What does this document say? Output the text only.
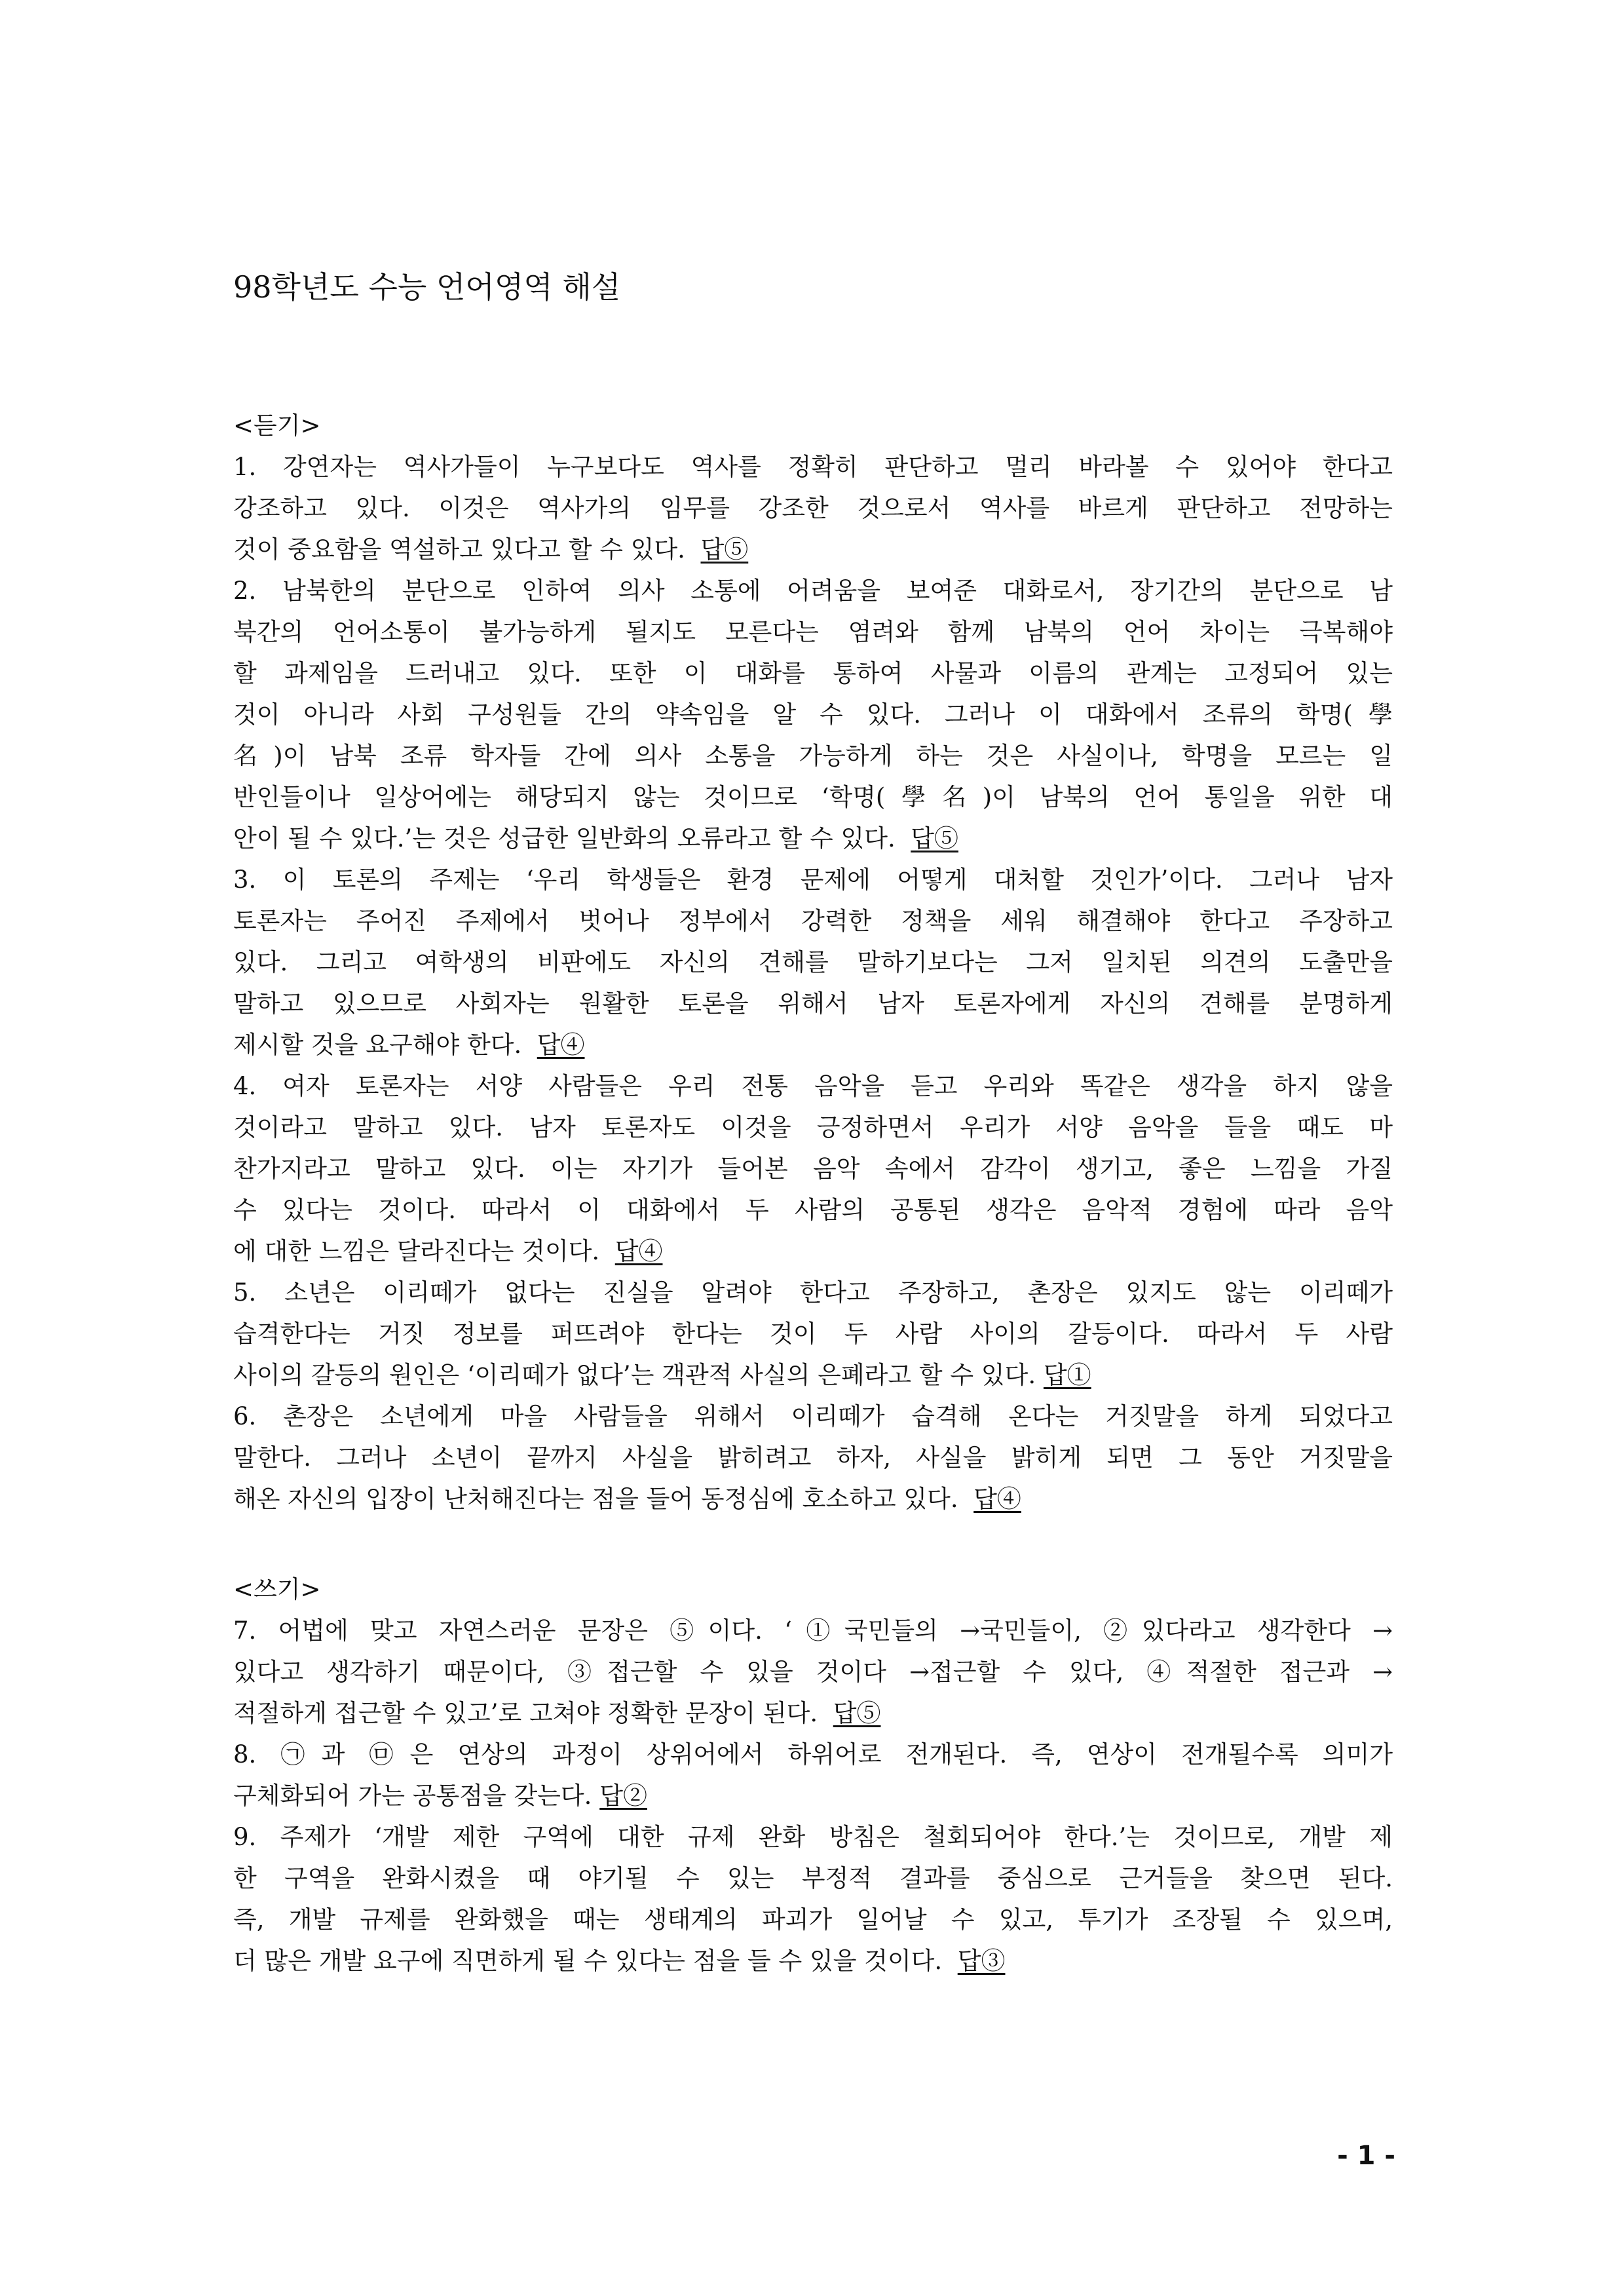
98학년도 수능 언어영역 해설
<듣기>
1. 강연자는 역사가들이 누구보다도 역사를 정확히 판단하고 멀리 바라볼 수 있어야 한다고
강조하고 있다. 이것은 역사가의 임무를 강조한 것으로서 역사를 바르게 판단하고 전망하는
것이 중요함을 역설하고 있다고 할 수 있다. 답⑤
2. 남북한의 분단으로 인하여 의사 소통에 어려움을 보여준 대화로서, 장기간의 분단으로 남
북간의 언어소통이 불가능하게 될지도 모른다는 염려와 함께 남북의 언어 차이는 극복해야
할 과제임을 드러내고 있다. 또한 이 대화를 통하여 사물과 이름의 관계는 고정되어 있는
것이 아니라 사회 구성원들 간의 약속임을 알 수 있다. 그러나 이 대화에서 조류의 학명(學
名)이 남북 조류 학자들 간에 의사 소통을 가능하게 하는 것은 사실이나, 학명을 모르는 일
반인들이나 일상어에는 해당되지 않는 것이므로 ‘학명(學名)이 남북의 언어 통일을 위한 대
안이 될 수 있다.’는 것은 성급한 일반화의 오류라고 할 수 있다. 답⑤
3. 이 토론의 주제는 ‘우리 학생들은 환경 문제에 어떻게 대처할 것인가’이다. 그러나 남자
토론자는 주어진 주제에서 벗어나 정부에서 강력한 정책을 세워 해결해야 한다고 주장하고
있다. 그리고 여학생의 비판에도 자신의 견해를 말하기보다는 그저 일치된 의견의 도출만을
말하고 있으므로 사회자는 원활한 토론을 위해서 남자 토론자에게 자신의 견해를 분명하게
제시할 것을 요구해야 한다. 답④
4. 여자 토론자는 서양 사람들은 우리 전통 음악을 듣고 우리와 똑같은 생각을 하지 않을
것이라고 말하고 있다. 남자 토론자도 이것을 긍정하면서 우리가 서양 음악을 들을 때도 마
찬가지라고 말하고 있다. 이는 자기가 들어본 음악 속에서 감각이 생기고, 좋은 느낌을 가질
수 있다는 것이다. 따라서 이 대화에서 두 사람의 공통된 생각은 음악적 경험에 따라 음악
에 대한 느낌은 달라진다는 것이다. 답④
5. 소년은 이리떼가 없다는 진실을 알려야 한다고 주장하고, 촌장은 있지도 않는 이리떼가
습격한다는 거짓 정보를 퍼뜨려야 한다는 것이 두 사람 사이의 갈등이다. 따라서 두 사람
사이의 갈등의 원인은 ‘이리떼가 없다’는 객관적 사실의 은폐라고 할 수 있다. 답①
6. 촌장은 소년에게 마을 사람들을 위해서 이리떼가 습격해 온다는 거짓말을 하게 되었다고
말한다. 그러나 소년이 끝까지 사실을 밝히려고 하자, 사실을 밝히게 되면 그 동안 거짓말을
해온 자신의 입장이 난처해진다는 점을 들어 동정심에 호소하고 있다. 답④
<쓰기>
7. 어법에 맞고 자연스러운 문장은 ⑤이다. ‘①국민들의 →국민들이, ②있다라고 생각한다 →
있다고 생각하기 때문이다, ③접근할 수 있을 것이다 →접근할 수 있다, ④적절한 접근과 →
적절하게 접근할 수 있고’로 고쳐야 정확한 문장이 된다. 답⑤
8. ㉠과 ㉤은 연상의 과정이 상위어에서 하위어로 전개된다. 즉, 연상이 전개될수록 의미가
구체화되어 가는 공통점을 갖는다. 답②
9. 주제가 ‘개발 제한 구역에 대한 규제 완화 방침은 철회되어야 한다.’는 것이므로, 개발 제
한 구역을 완화시켰을 때 야기될 수 있는 부정적 결과를 중심으로 근거들을 찾으면 된다.
즉, 개발 규제를 완화했을 때는 생태계의 파괴가 일어날 수 있고, 투기가 조장될 수 있으며,
더 많은 개발 요구에 직면하게 될 수 있다는 점을 들 수 있을 것이다. 답③
- 1 -
